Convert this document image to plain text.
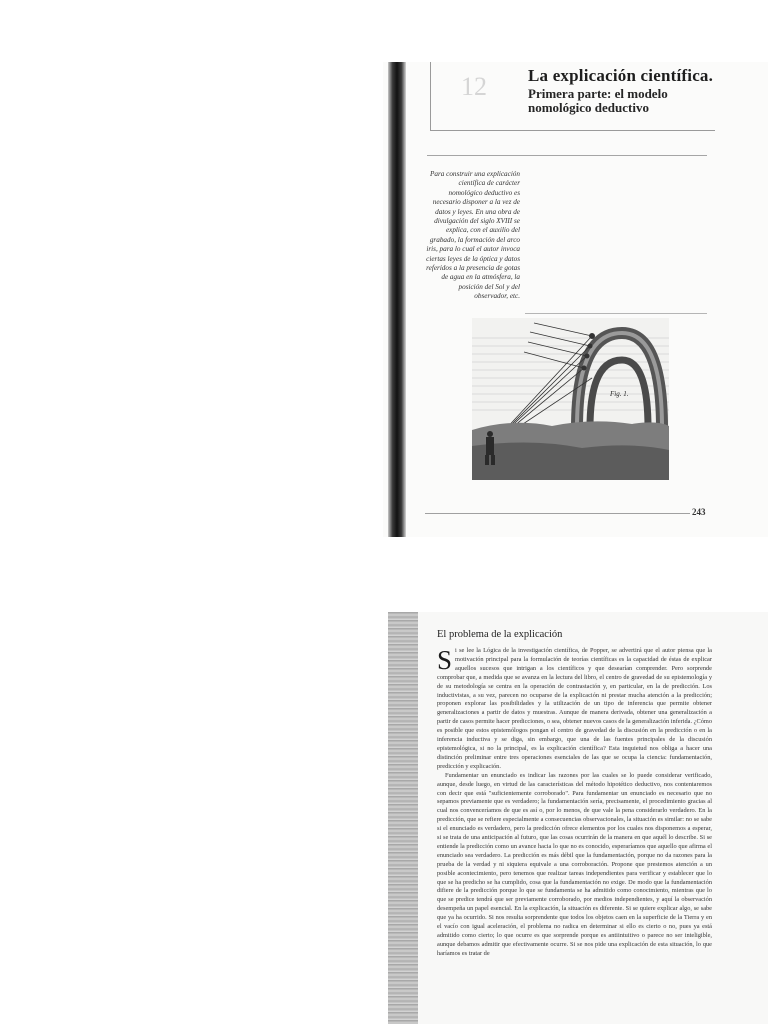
12 La explicación científica.
Primera parte: el modelo
nomológico deductivo
Para construir una explicación científica de carácter nomológico deductivo es necesario disponer a la vez de datos y leyes. En una obra de divulgación del siglo XVIII se explica, con el auxilio del grabado, la formación del arco iris, para lo cual el autor invoca ciertas leyes de la óptica y datos referidos a la presencia de gotas de agua en la atmósfera, la posición del Sol y del observador, etc.
Fig. 1.
243
El problema de la explicación

Si se lee la Lógica de la investigación científica, de Popper, se advertirá que el autor piensa que la motivación principal para la formulación de teorías científicas es la capacidad de éstas de explicar aquellos sucesos que intrigan a los científicos y que desearían comprender. Pero sorprende comprobar que, a medida que se avanza en la lectura del libro, el centro de gravedad de su epistemología y de su metodología se centra en la operación de contrastación y, en particular, en la de predicción. Los inductivistas, a su vez, parecen no ocuparse de la explicación ni prestar mucha atención a la predicción; proponen explorar las posibilidades y la utilización de un tipo de inferencia que permite obtener generalizaciones a partir de datos y muestras. Aunque de manera derivada, obtener una generalización a partir de casos permite hacer predicciones, o sea, obtener nuevos casos de la generalización inferida. ¿Cómo es posible que estos epistemólogos pongan el centro de gravedad de la discusión en la predicción o en la inferencia inductiva y se diga, sin embargo, que una de las fuentes principales de la discusión epistemológica, si no la principal, es la explicación científica? Esta inquietud nos obliga a hacer una distinción preliminar entre tres operaciones esenciales de las que se ocupa la ciencia: fundamentación, predicción y explicación.

Fundamentar un enunciado es indicar las razones por las cuales se lo puede considerar verificado, aunque, desde luego, en virtud de las características del método hipotético deductivo, nos contentaremos con decir que está "suficientemente corroborado". Para fundamentar un enunciado es necesario que no sepamos previamente que es verdadero; la fundamentación sería, precisamente, el procedimiento gracias al cual nos convenceríamos de que es así o, por lo menos, de que vale la pena considerarlo verdadero. En la predicción, que se refiere especialmente a consecuencias observacionales, la situación es similar: no se sabe si el enunciado es verdadero, pero la predicción ofrece elementos por los cuales nos disponemos a esperar, si se trata de una anticipación al futuro, que las cosas ocurrirán de la manera en que aquél lo describe. Si se entiende la predicción como un avance hacia lo que no es conocido, esperaríamos que aquello que afirma el enunciado sea verdadero. La predicción es más débil que la fundamentación, porque no da razones para la prueba de la verdad y ni siquiera equivale a una corroboración. Propone que prestemos atención a un posible acontecimiento, pero tenemos que realizar tareas independientes para verificar y establecer que lo que se ha predicho se ha cumplido, cosa que la fundamentación no exige. De modo que la fundamentación difiere de la predicción porque lo que se fundamenta se ha admitido como conocimiento, mientras que lo que se predice tendrá que ser previamente corroborado, por medios independientes, y aquí la observación desempeña un papel esencial. En la explicación, la situación es diferente. Si se quiere explicar algo, se sabe que ya ha ocurrido. Si nos resulta sorprendente que todos los objetos caen en la superficie de la Tierra y en el vacío con igual aceleración, el problema no radica en determinar si ello es cierto o no, pues ya está admitido como cierto; lo que ocurre es que sorprende porque es antiintuitivo o parece no ser inteligible, aunque debamos admitir que efectivamente ocurre. Si se nos pide una explicación de esta situación, lo que haríamos es tratar de
